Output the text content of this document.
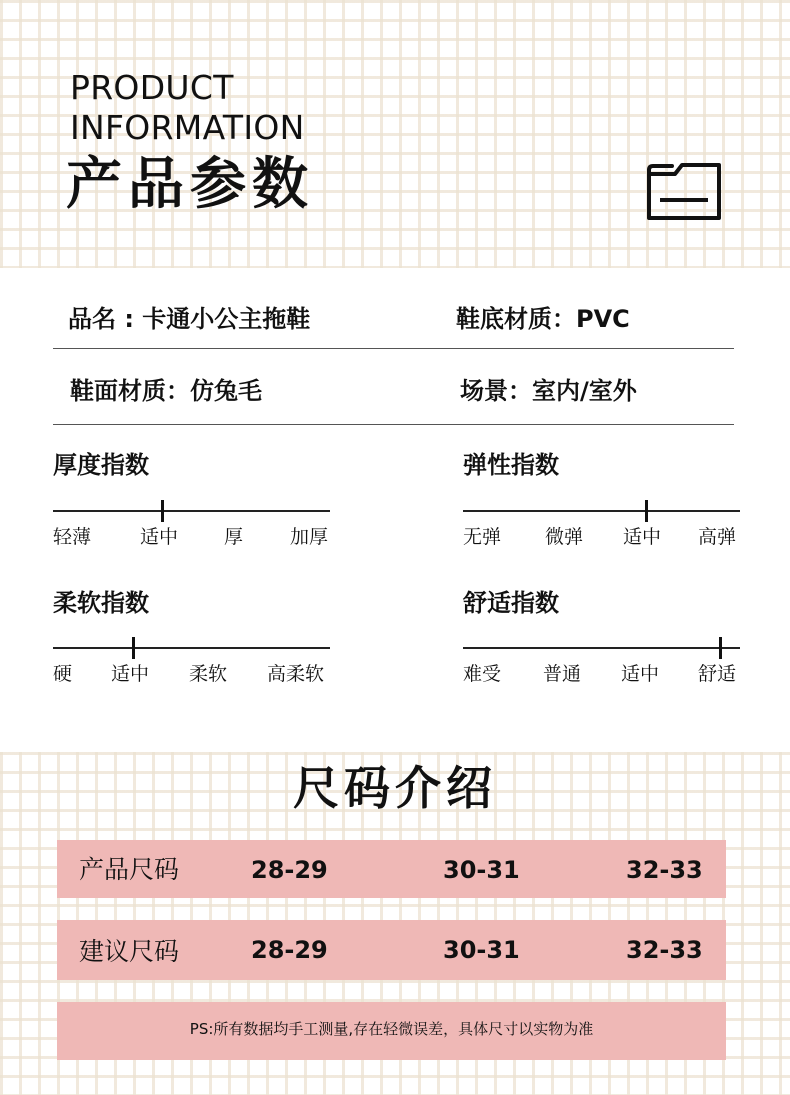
PRODUCT
INFORMATION
产品参数
品名 : 卡通小公主拖鞋	鞋底材质：PVC
鞋面材质：仿兔毛	场景：室内/室外
厚度指数
轻薄	适中 厚 加厚
弹性指数
无弹 微弹 适中 高弹
柔软指数
硬 适中 柔软 高柔软
舒适指数
难受 普通 适中 舒适
尺码介绍
产品尺码	28-29	30-31	32-33
建议尺码	28-29	30-31	32-33
PS:所有数据均手工测量,存在轻微误差，具体尺寸以实物为准
